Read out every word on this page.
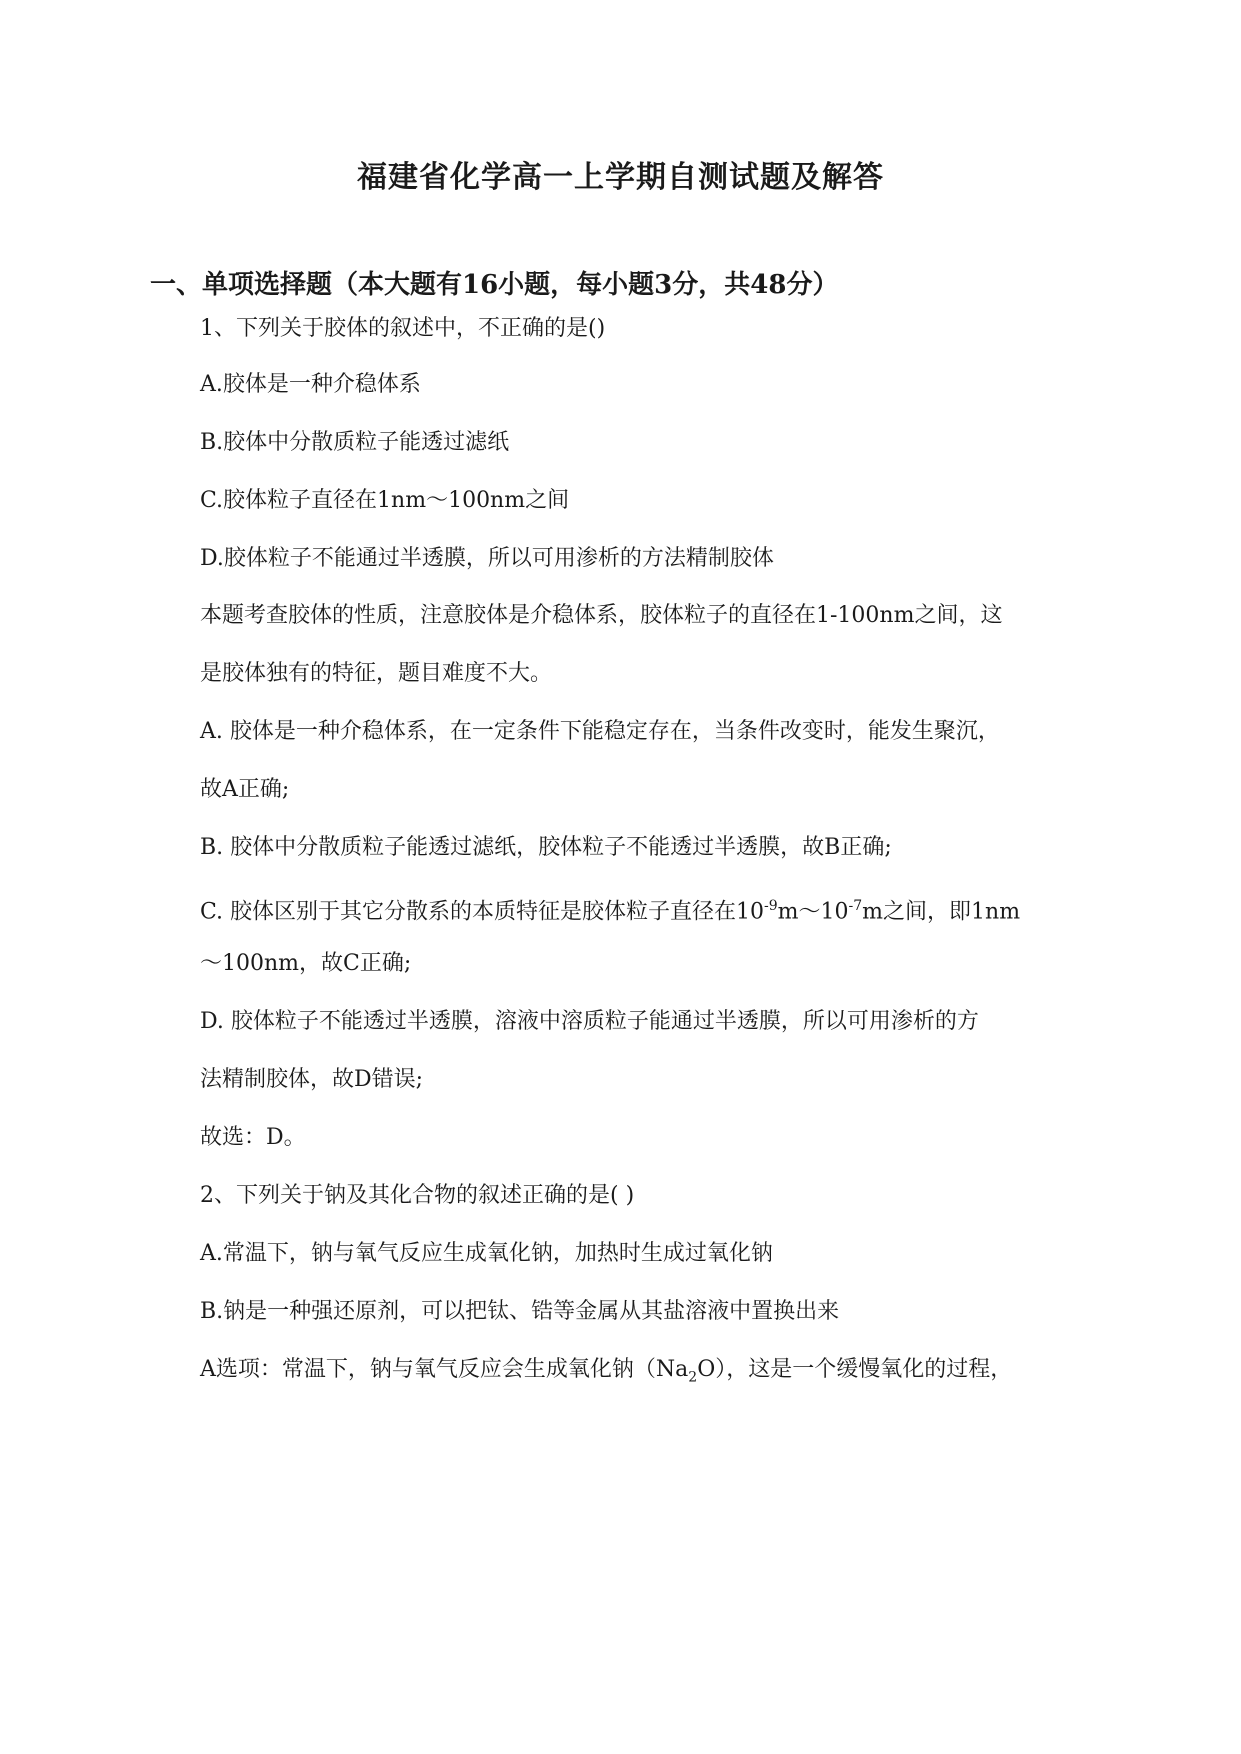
福建省化学高一上学期自测试题及解答
一、单项选择题（本大题有16小题，每小题3分，共48分）
1、下列关于胶体的叙述中，不正确的是()
A.胶体是一种介稳体系
B.胶体中分散质粒子能透过滤纸
C.胶体粒子直径在1nm～100nm之间
D.胶体粒子不能通过半透膜，所以可用渗析的方法精制胶体
本题考查胶体的性质，注意胶体是介稳体系，胶体粒子的直径在1-100nm之间，这
是胶体独有的特征，题目难度不大。
A. 胶体是一种介稳体系，在一定条件下能稳定存在，当条件改变时，能发生聚沉，
故A正确;
B. 胶体中分散质粒子能透过滤纸，胶体粒子不能透过半透膜，故B正确;
C. 胶体区别于其它分散系的本质特征是胶体粒子直径在$10^{-9}m\sim 10^{-7}m$之间，即1nm
～100nm，故C正确;
D. 胶体粒子不能透过半透膜，溶液中溶质粒子能通过半透膜，所以可用渗析的方
法精制胶体，故D错误;
故选：D。
2、下列关于钠及其化合物的叙述正确的是( )
A.常温下，钠与氧气反应生成氧化钠，加热时生成过氧化钠
B.钠是一种强还原剂，可以把钛、锆等金属从其盐溶液中置换出来
A选项：常温下，钠与氧气反应会生成氧化钠$(Na_2O)$，这是一个缓慢氧化的过程，
